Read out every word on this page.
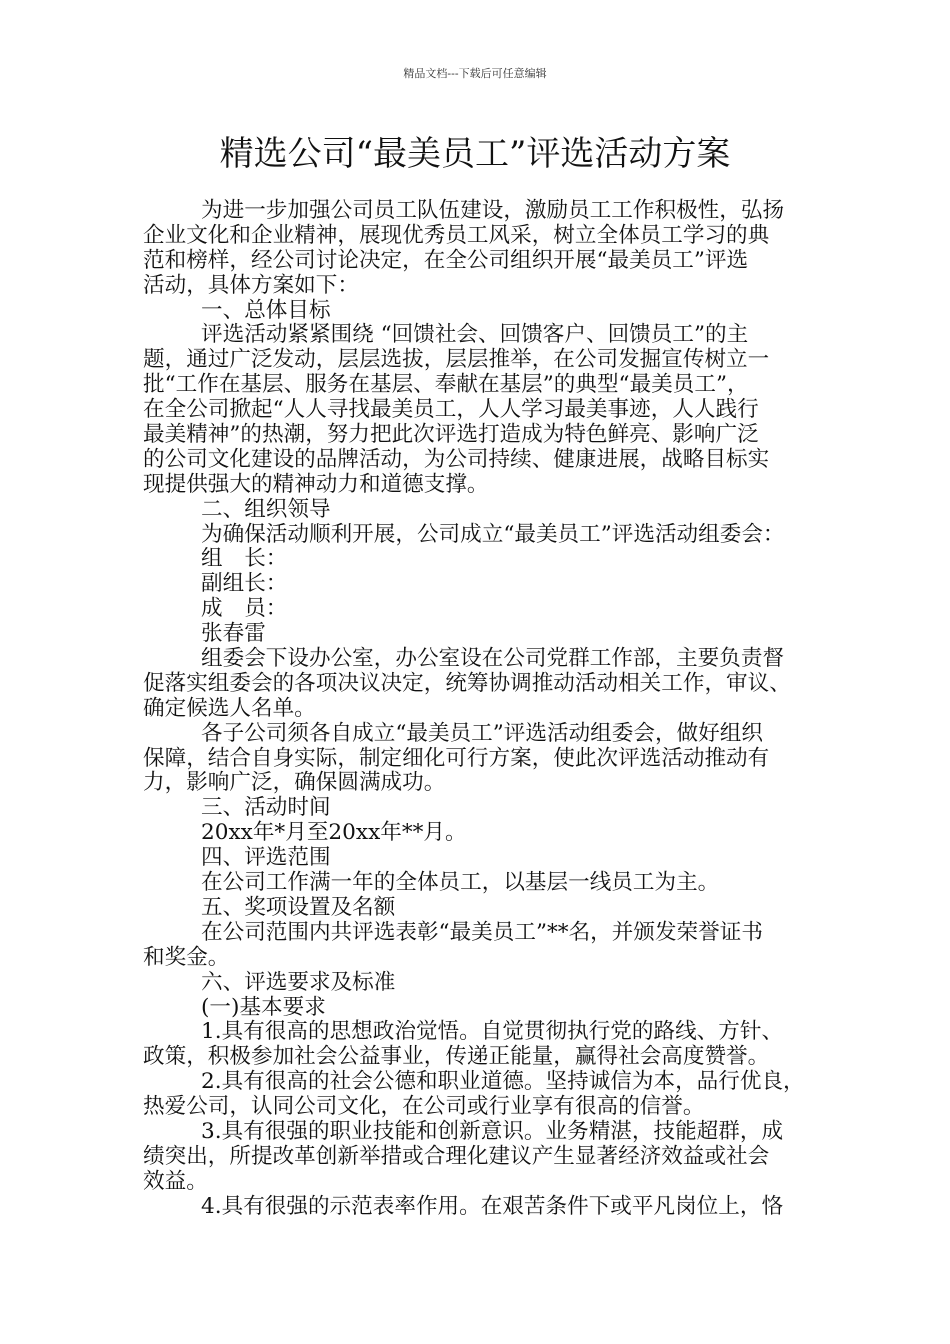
精品文档---下载后可任意编辑
精选公司“最美员工”评选活动方案
为进一步加强公司员工队伍建设，激励员工工作积极性，弘扬
企业文化和企业精神，展现优秀员工风采，树立全体员工学习的典
范和榜样，经公司讨论决定，在全公司组织开展“最美员工”评选
活动，具体方案如下：
一、总体目标
评选活动紧紧围绕 “回馈社会、回馈客户、回馈员工”的主
题，通过广泛发动，层层选拔，层层推举，在公司发掘宣传树立一
批“工作在基层、服务在基层、奉献在基层”的典型“最美员工”，
在全公司掀起“人人寻找最美员工，人人学习最美事迹，人人践行
最美精神”的热潮，努力把此次评选打造成为特色鲜亮、影响广泛
的公司文化建设的品牌活动，为公司持续、健康进展，战略目标实
现提供强大的精神动力和道德支撑。
二、组织领导
为确保活动顺利开展，公司成立“最美员工”评选活动组委会：
组　长：
副组长：
成　员：
张春雷
组委会下设办公室，办公室设在公司党群工作部，主要负责督
促落实组委会的各项决议决定，统筹协调推动活动相关工作，审议、
确定候选人名单。
各子公司须各自成立“最美员工”评选活动组委会，做好组织
保障，结合自身实际，制定细化可行方案，使此次评选活动推动有
力，影响广泛，确保圆满成功。
三、活动时间
20xx年*月至20xx年**月。
四、评选范围
在公司工作满一年的全体员工，以基层一线员工为主。
五、奖项设置及名额
在公司范围内共评选表彰“最美员工”**名，并颁发荣誉证书
和奖金。
六、评选要求及标准
(一)基本要求
1.具有很高的思想政治觉悟。自觉贯彻执行党的路线、方针、
政策，积极参加社会公益事业，传递正能量，赢得社会高度赞誉。
2.具有很高的社会公德和职业道德。坚持诚信为本，品行优良，
热爱公司，认同公司文化，在公司或行业享有很高的信誉。
3.具有很强的职业技能和创新意识。业务精湛，技能超群，成
绩突出，所提改革创新举措或合理化建议产生显著经济效益或社会
效益。
4.具有很强的示范表率作用。在艰苦条件下或平凡岗位上，恪
